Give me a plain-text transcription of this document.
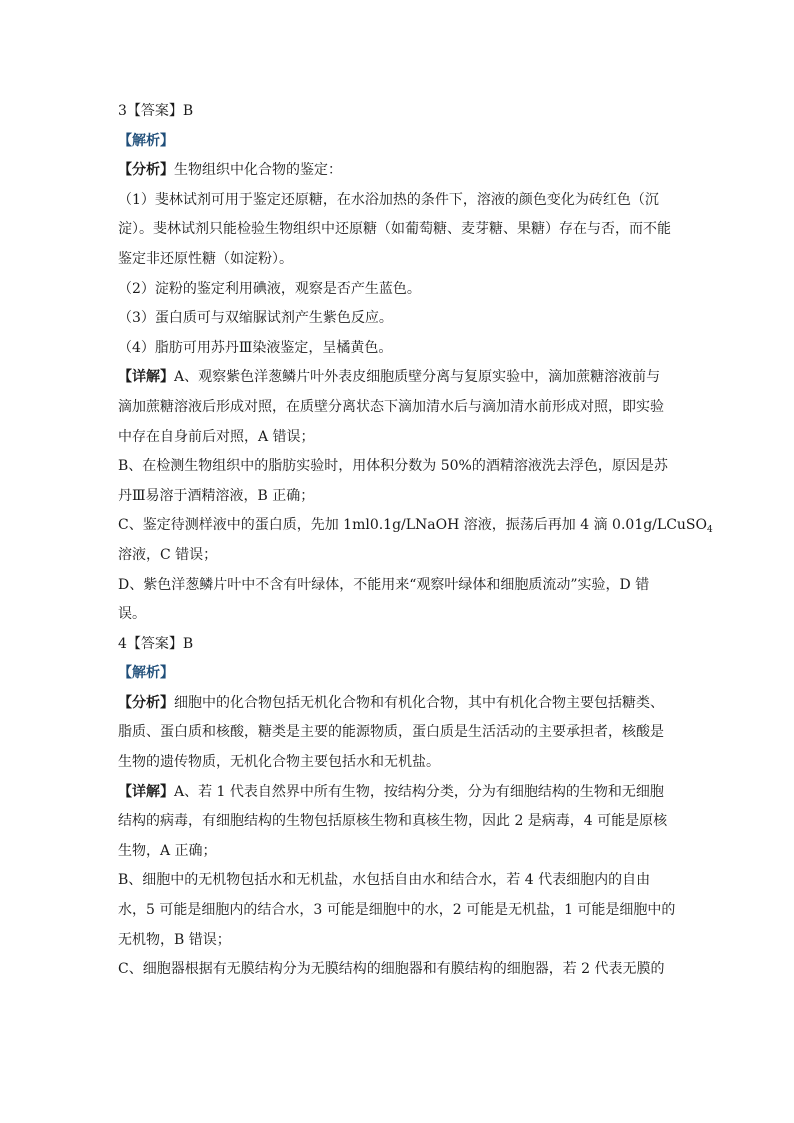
3【答案】B
【解析】
【分析】生物组织中化合物的鉴定：
（1）斐林试剂可用于鉴定还原糖，在水浴加热的条件下，溶液的颜色变化为砖红色（沉
淀）。斐林试剂只能检验生物组织中还原糖（如葡萄糖、麦芽糖、果糖）存在与否，而不能
鉴定非还原性糖（如淀粉）。
（2）淀粉的鉴定利用碘液，观察是否产生蓝色。
（3）蛋白质可与双缩脲试剂产生紫色反应。
（4）脂肪可用苏丹Ⅲ染液鉴定，呈橘黄色。
【详解】A、观察紫色洋葱鳞片叶外表皮细胞质壁分离与复原实验中，滴加蔗糖溶液前与
滴加蔗糖溶液后形成对照，在质壁分离状态下滴加清水后与滴加清水前形成对照，即实验
中存在自身前后对照，A 错误；
B、在检测生物组织中的脂肪实验时，用体积分数为 50%的酒精溶液洗去浮色，原因是苏
丹Ⅲ易溶于酒精溶液，B 正确；
C、鉴定待测样液中的蛋白质，先加 1ml0.1g/LNaOH 溶液，振荡后再加 4 滴 0.01g/LCuSO$_4$
溶液，C 错误；
D、紫色洋葱鳞片叶中不含有叶绿体，不能用来“观察叶绿体和细胞质流动”实验，D 错
误。
4【答案】B
【解析】
【分析】细胞中的化合物包括无机化合物和有机化合物，其中有机化合物主要包括糖类、
脂质、蛋白质和核酸，糖类是主要的能源物质，蛋白质是生活活动的主要承担者，核酸是
生物的遗传物质，无机化合物主要包括水和无机盐。
【详解】A、若 1 代表自然界中所有生物，按结构分类，分为有细胞结构的生物和无细胞
结构的病毒，有细胞结构的生物包括原核生物和真核生物，因此 2 是病毒，4 可能是原核
生物，A 正确；
B、细胞中的无机物包括水和无机盐，水包括自由水和结合水，若 4 代表细胞内的自由
水，5 可能是细胞内的结合水，3 可能是细胞中的水，2 可能是无机盐，1 可能是细胞中的
无机物，B 错误；
C、细胞器根据有无膜结构分为无膜结构的细胞器和有膜结构的细胞器，若 2 代表无膜的
